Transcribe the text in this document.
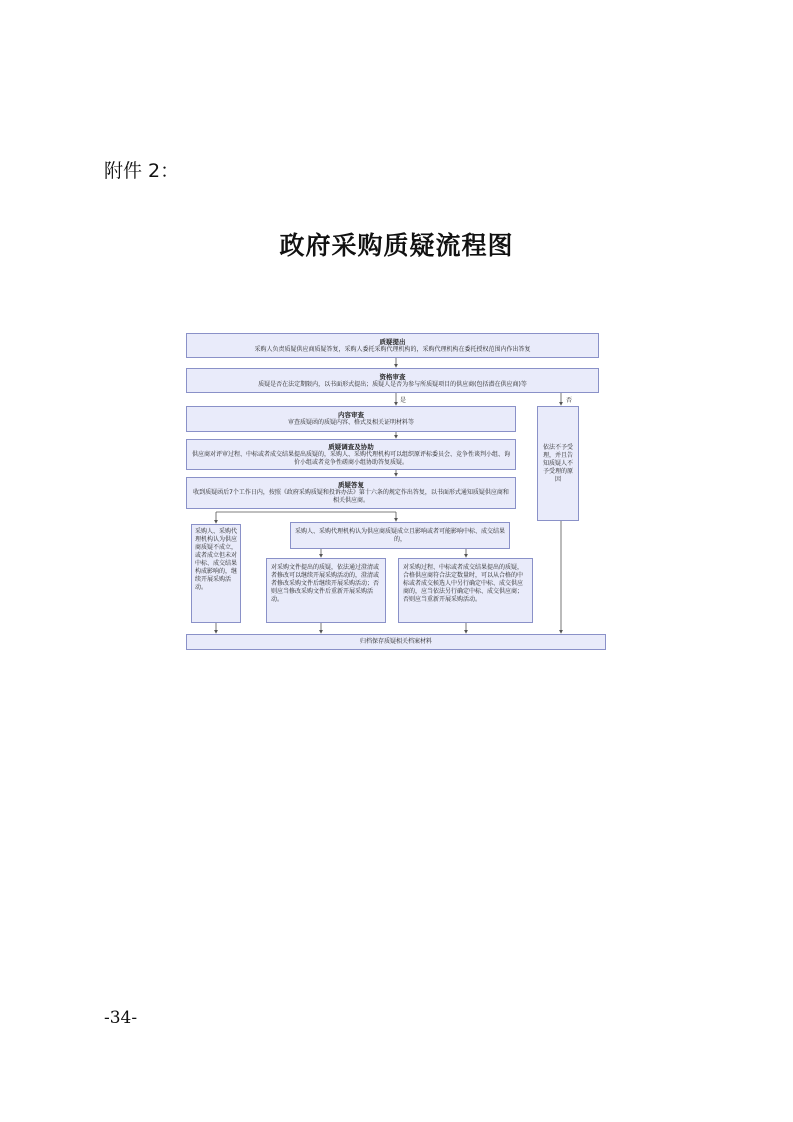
附件 2：
政府采购质疑流程图
质疑提出
采购人负责质疑供应商质疑答复，采购人委托采购代理机构的，采购代理机构在委托授权范围内作出答复
资格审查
质疑是否在法定期限内，以书面形式提出；质疑人是否为参与所质疑项目的供应商(包括潜在供应商)等
是	否
内容审查
审查质疑函的质疑内容、格式及相关证明材料等
依法不予受理，并且告知质疑人不予受理的原因
质疑调查及协助
供应商对评审过程、中标或者成交结果提出质疑的，采购人、采购代理机构可以组织原评标委员会、竞争性谈判小组、询价小组或者竞争性磋商小组协助答复质疑。
质疑答复
收到质疑函后7个工作日内，按照《政府采购质疑和投诉办法》第十六条的规定作出答复，以书面形式通知质疑供应商和相关供应商。
采购人、采购代理机构认为供应商质疑不成立，或者成立但未对中标、成交结果构成影响的，继续开展采购活动。
采购人、采购代理机构认为供应商质疑成立且影响或者可能影响中标、成交结果的，
对采购文件提出的质疑，依法通过澄清或者修改可以继续开展采购活动的，澄清或者修改采购文件后继续开展采购活动；否则应当修改采购文件后重新开展采购活动。
对采购过程、中标或者成交结果提出的质疑，合格供应商符合法定数量时，可以从合格的中标或者成交候选人中另行确定中标、成交供应商的，应当依法另行确定中标、成交供应商；否则应当重新开展采购活动。
归档保存质疑相关档案材料
-34-
